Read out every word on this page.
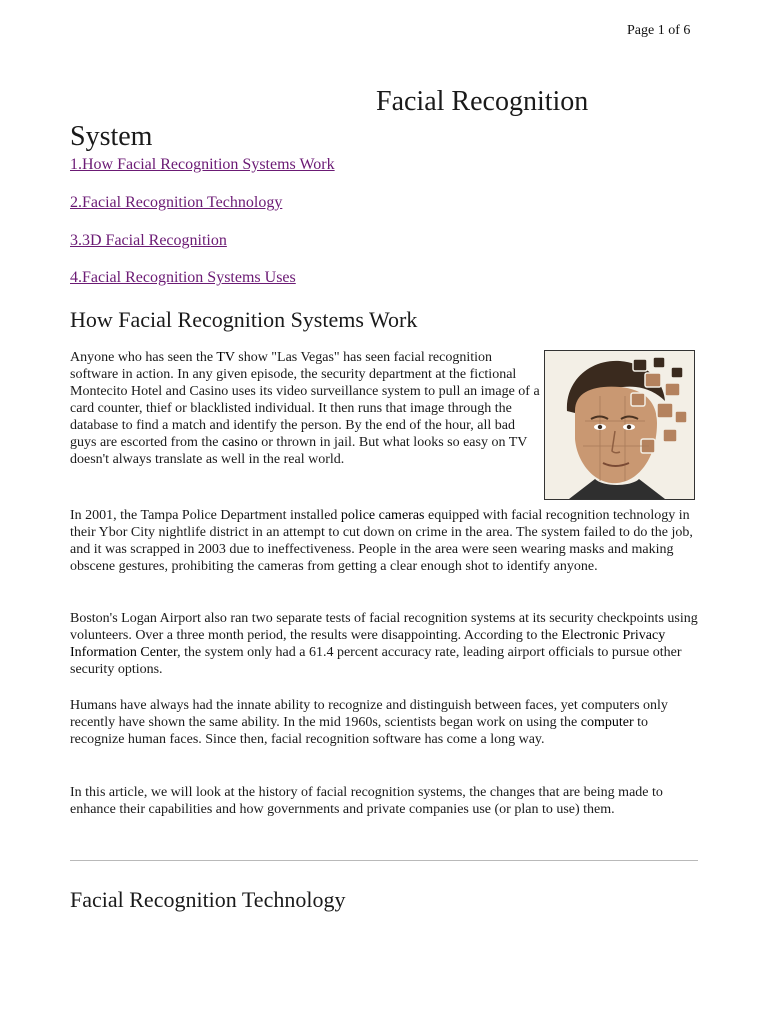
Page 1 of 6
Facial Recognition
System
1.How Facial Recognition Systems Work
2.Facial Recognition Technology
3.3D Facial Recognition
4.Facial Recognition Systems Uses
How Facial Recognition Systems Work

Anyone who has seen the TV show "Las Vegas" has seen facial recognition software in action. In any given episode, the security department at the fictional Montecito Hotel and Casino uses its video surveillance system to pull an image of a card counter, thief or blacklisted individual. It then runs that image through the database to find a match and identify the person. By the end of the hour, all bad guys are escorted from the casino or thrown in jail. But what looks so easy on TV doesn't always translate as well in the real world.

In 2001, the Tampa Police Department installed police cameras equipped with facial recognition technology in their Ybor City nightlife district in an attempt to cut down on crime in the area. The system failed to do the job, and it was scrapped in 2003 due to ineffectiveness. People in the area were seen wearing masks and making obscene gestures, prohibiting the cameras from getting a clear enough shot to identify anyone.

Boston's Logan Airport also ran two separate tests of facial recognition systems at its security checkpoints using volunteers. Over a three month period, the results were disappointing. According to the Electronic Privacy Information Center, the system only had a 61.4 percent accuracy rate, leading airport officials to pursue other security options.

Humans have always had the innate ability to recognize and distinguish between faces, yet computers only recently have shown the same ability. In the mid 1960s, scientists began work on using the computer to recognize human faces. Since then, facial recognition software has come a long way.

In this article, we will look at the history of facial recognition systems, the changes that are being made to enhance their capabilities and how governments and private companies use (or plan to use) them.

Facial Recognition Technology
